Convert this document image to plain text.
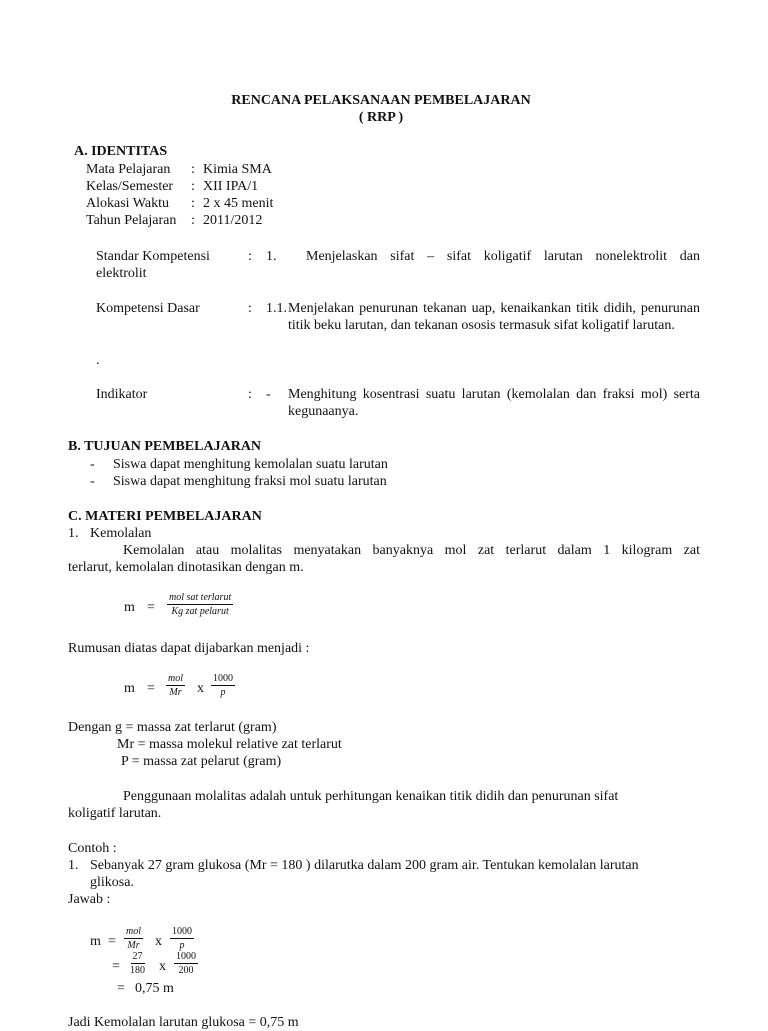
RENCANA PELAKSANAAN PEMBELAJARAN
( RRP )
A. IDENTITAS
Mata Pelajaran : Kimia SMA
Kelas/Semester : XII IPA/1
Alokasi Waktu : 2 x 45 menit
Tahun Pelajaran : 2011/2012
Standar Kompetensi	: 1. Menjelaskan sifat – sifat koligatif larutan nonelektrolit dan
elektrolit
Kompetensi Dasar	: 1.1. Menjelakan penurunan tekanan uap, kenaikankan titik didih, penurunan titik beku larutan, dan tekanan ososis termasuk sifat koligatif larutan.
.
Indikator	: - Menghitung kosentrasi suatu larutan (kemolalan dan fraksi mol) serta kegunaanya.
B. TUJUAN PEMBELAJARAN
- Siswa dapat menghitung kemolalan suatu larutan
- Siswa dapat menghitung fraksi mol suatu larutan
C. MATERI PEMBELAJARAN
1. Kemolalan
Kemolalan atau molalitas menyatakan banyaknya mol zat terlarut dalam 1 kilogram zat
terlarut, kemolalan dinotasikan dengan m.
m =
mol sat terlarut
Kg zat pelarut
Rumusan diatas dapat dijabarkan menjadi :
m =
mol
Mr x $\frac{1000}{p}$
Dengan g = massa zat terlarut (gram)
Mr = massa molekul relative zat terlarut
P = massa zat pelarut (gram)
Penggunaan molalitas adalah untuk perhitungan kenaikan titik didih dan penurunan sifat
koligatif larutan.
Contoh :
1. Sebanyak 27 gram glukosa (Mr = 180 ) dilarutka dalam 200 gram air. Tentukan kemolalan larutan
glikosa.
Jawab :
m =
mol
Mr x $\frac{1000}{p}$
= $\frac{27}{180}$ x $\frac{1000}{200}$
= 0,75 m
Jadi Kemolalan larutan glukosa = 0,75 m
